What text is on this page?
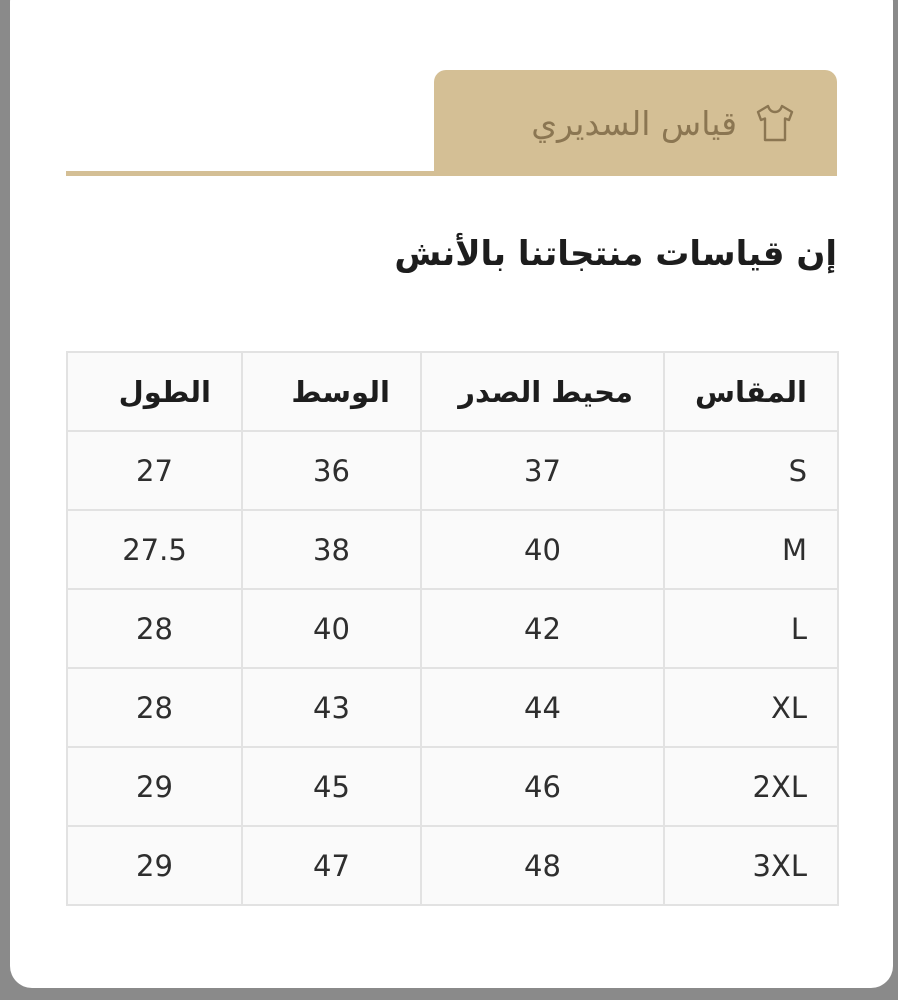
قياس السديري
إن قياسات منتجاتنا بالأنش
المقاس	محيط الصدر	الوسط	الطول

S	37	36	27

M	40	38	27.5

L	42	40	28

XL	44	43	28

2XL	46	45	29

3XL	48	47	29
